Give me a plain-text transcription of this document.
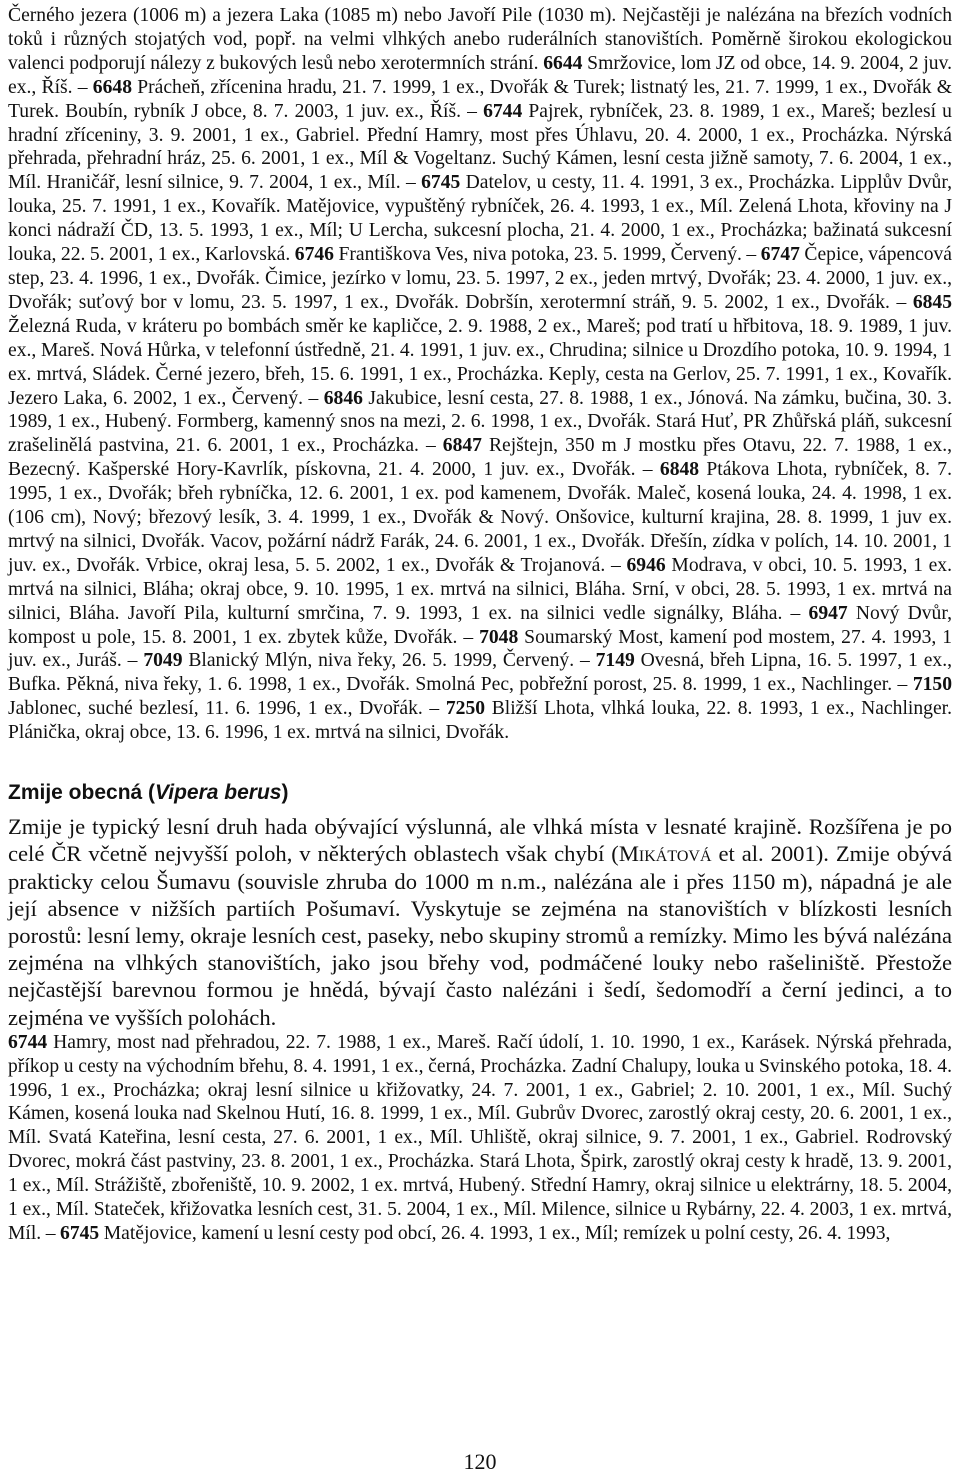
Černého jezera (1006 m) a jezera Laka (1085 m) nebo Javoří Pile (1030 m). Nejčastěji je nalézána na březích vodních toků i různých stojatých vod, popř. na velmi vlhkých anebo ruderálních stanovištích. Poměrně širokou ekologickou valenci podporují nálezy z bukových lesů nebo xerotermních strání. 6644 Smržovice, lom JZ od obce, 14. 9. 2004, 2 juv. ex., Říš. – 6648 Prácheň, zřícenina hradu, 21. 7. 1999, 1 ex., Dvořák & Turek; listnatý les, 21. 7. 1999, 1 ex., Dvořák & Turek. Boubín, rybník J obce, 8. 7. 2003, 1 juv. ex., Říš. – 6744 Pajrek, rybníček, 23. 8. 1989, 1 ex., Mareš; bezlesí u hradní zříceniny, 3. 9. 2001, 1 ex., Gabriel. Přední Hamry, most přes Úhlavu, 20. 4. 2000, 1 ex., Procházka. Nýrská přehrada, přehradní hráz, 25. 6. 2001, 1 ex., Míl & Vogeltanz. Suchý Kámen, lesní cesta jižně samoty, 7. 6. 2004, 1 ex., Míl. Hraničář, lesní silnice, 9. 7. 2004, 1 ex., Míl. – 6745 Datelov, u cesty, 11. 4. 1991, 3 ex., Procházka. Lipplův Dvůr, louka, 25. 7. 1991, 1 ex., Kovařík. Matějovice, vypuštěný rybníček, 26. 4. 1993, 1 ex., Míl. Zelená Lhota, křoviny na J konci nádraží ČD, 13. 5. 1993, 1 ex., Míl; U Lercha, sukcesní plocha, 21. 4. 2000, 1 ex., Procházka; bažinatá sukcesní louka, 22. 5. 2001, 1 ex., Karlovská. 6746 Františkova Ves, niva potoka, 23. 5. 1999, Červený. – 6747 Čepice, vápencová step, 23. 4. 1996, 1 ex., Dvořák. Čimice, jezírko v lomu, 23. 5. 1997, 2 ex., jeden mrtvý, Dvořák; 23. 4. 2000, 1 juv. ex., Dvořák; suťový bor v lomu, 23. 5. 1997, 1 ex., Dvořák. Dobršín, xerotermní stráň, 9. 5. 2002, 1 ex., Dvořák. – 6845 Železná Ruda, v kráteru po bombách směr ke kapličce, 2. 9. 1988, 2 ex., Mareš; pod tratí u hřbitova, 18. 9. 1989, 1 juv. ex., Mareš. Nová Hůrka, v telefonní ústředně, 21. 4. 1991, 1 juv. ex., Chrudina; silnice u Drozdího potoka, 10. 9. 1994, 1 ex. mrtvá, Sládek. Černé jezero, břeh, 15. 6. 1991, 1 ex., Procházka. Keply, cesta na Gerlov, 25. 7. 1991, 1 ex., Kovařík. Jezero Laka, 6. 2002, 1 ex., Červený. – 6846 Jakubice, lesní cesta, 27. 8. 1988, 1 ex., Jónová. Na zámku, bučina, 30. 3. 1989, 1 ex., Hubený. Formberg, kamenný snos na mezi, 2. 6. 1998, 1 ex., Dvořák. Stará Huť, PR Zhůřská pláň, sukcesní zrašelinělá pastvina, 21. 6. 2001, 1 ex., Procházka. – 6847 Rejštejn, 350 m J mostku přes Otavu, 22. 7. 1988, 1 ex., Bezecný. Kašperské Hory-Kavrlík, pískovna, 21. 4. 2000, 1 juv. ex., Dvořák. – 6848 Ptákova Lhota, rybníček, 8. 7. 1995, 1 ex., Dvořák; břeh rybníčka, 12. 6. 2001, 1 ex. pod kamenem, Dvořák. Maleč, kosená louka, 24. 4. 1998, 1 ex. (106 cm), Nový; březový lesík, 3. 4. 1999, 1 ex., Dvořák & Nový. Onšovice, kulturní krajina, 28. 8. 1999, 1 juv ex. mrtvý na silnici, Dvořák. Vacov, požární nádrž Farák, 24. 6. 2001, 1 ex., Dvořák. Dřešín, zídka v polích, 14. 10. 2001, 1 juv. ex., Dvořák. Vrbice, okraj lesa, 5. 5. 2002, 1 ex., Dvořák & Trojanová. – 6946 Modrava, v obci, 10. 5. 1993, 1 ex. mrtvá na silnici, Bláha; okraj obce, 9. 10. 1995, 1 ex. mrtvá na silnici, Bláha. Srní, v obci, 28. 5. 1993, 1 ex. mrtvá na silnici, Bláha. Javoří Pila, kulturní smrčina, 7. 9. 1993, 1 ex. na silnici vedle signálky, Bláha. – 6947 Nový Dvůr, kompost u pole, 15. 8. 2001, 1 ex. zbytek kůže, Dvořák. – 7048 Soumarský Most, kamení pod mostem, 27. 4. 1993, 1 juv. ex., Juráš. – 7049 Blanický Mlýn, niva řeky, 26. 5. 1999, Červený. – 7149 Ovesná, břeh Lipna, 16. 5. 1997, 1 ex., Bufka. Pěkná, niva řeky, 1. 6. 1998, 1 ex., Dvořák. Smolná Pec, pobřežní porost, 25. 8. 1999, 1 ex., Nachlinger. – 7150 Jablonec, suché bezlesí, 11. 6. 1996, 1 ex., Dvořák. – 7250 Bližší Lhota, vlhká louka, 22. 8. 1993, 1 ex., Nachlinger. Plánička, okraj obce, 13. 6. 1996, 1 ex. mrtvá na silnici, Dvořák.

Zmije obecná (Vipera berus)

Zmije je typický lesní druh hada obývající výslunná, ale vlhká místa v lesnaté krajině. Rozšířena je po celé ČR včetně nejvyšší poloh, v některých oblastech však chybí (Mikátová et al. 2001). Zmije obývá prakticky celou Šumavu (souvisle zhruba do 1000 m n.m., nalézána ale i přes 1150 m), nápadná je ale její absence v nižších partiích Pošumaví. Vyskytuje se zejména na stanovištích v blízkosti lesních porostů: lesní lemy, okraje lesních cest, paseky, nebo skupiny stromů a remízky. Mimo les bývá nalézána zejména na vlhkých stanovištích, jako jsou břehy vod, podmáčené louky nebo rašeliniště. Přestože nejčastější barevnou formou je hnědá, bývají často nalézáni i šedí, šedomodří a černí jedinci, a to zejména ve vyšších polohách.

6744 Hamry, most nad přehradou, 22. 7. 1988, 1 ex., Mareš. Račí údolí, 1. 10. 1990, 1 ex., Karásek. Nýrská přehrada, příkop u cesty na východním břehu, 8. 4. 1991, 1 ex., černá, Procházka. Zadní Chalupy, louka u Svinského potoka, 18. 4. 1996, 1 ex., Procházka; okraj lesní silnice u křižovatky, 24. 7. 2001, 1 ex., Gabriel; 2. 10. 2001, 1 ex., Míl. Suchý Kámen, kosená louka nad Skelnou Hutí, 16. 8. 1999, 1 ex., Míl. Gubrův Dvorec, zarostlý okraj cesty, 20. 6. 2001, 1 ex., Míl. Svatá Kateřina, lesní cesta, 27. 6. 2001, 1 ex., Míl. Uhliště, okraj silnice, 9. 7. 2001, 1 ex., Gabriel. Rodrovský Dvorec, mokrá část pastviny, 23. 8. 2001, 1 ex., Procházka. Stará Lhota, Špirk, zarostlý okraj cesty k hradě, 13. 9. 2001, 1 ex., Míl. Strážiště, zbořeniště, 10. 9. 2002, 1 ex. mrtvá, Hubený. Střední Hamry, okraj silnice u elektrárny, 18. 5. 2004, 1 ex., Míl. Stateček, křižovatka lesních cest, 31. 5. 2004, 1 ex., Míl. Milence, silnice u Rybárny, 22. 4. 2003, 1 ex. mrtvá, Míl. – 6745 Matějovice, kamení u lesní cesty pod obcí, 26. 4. 1993, 1 ex., Míl; remízek u polní cesty, 26. 4. 1993,

120
